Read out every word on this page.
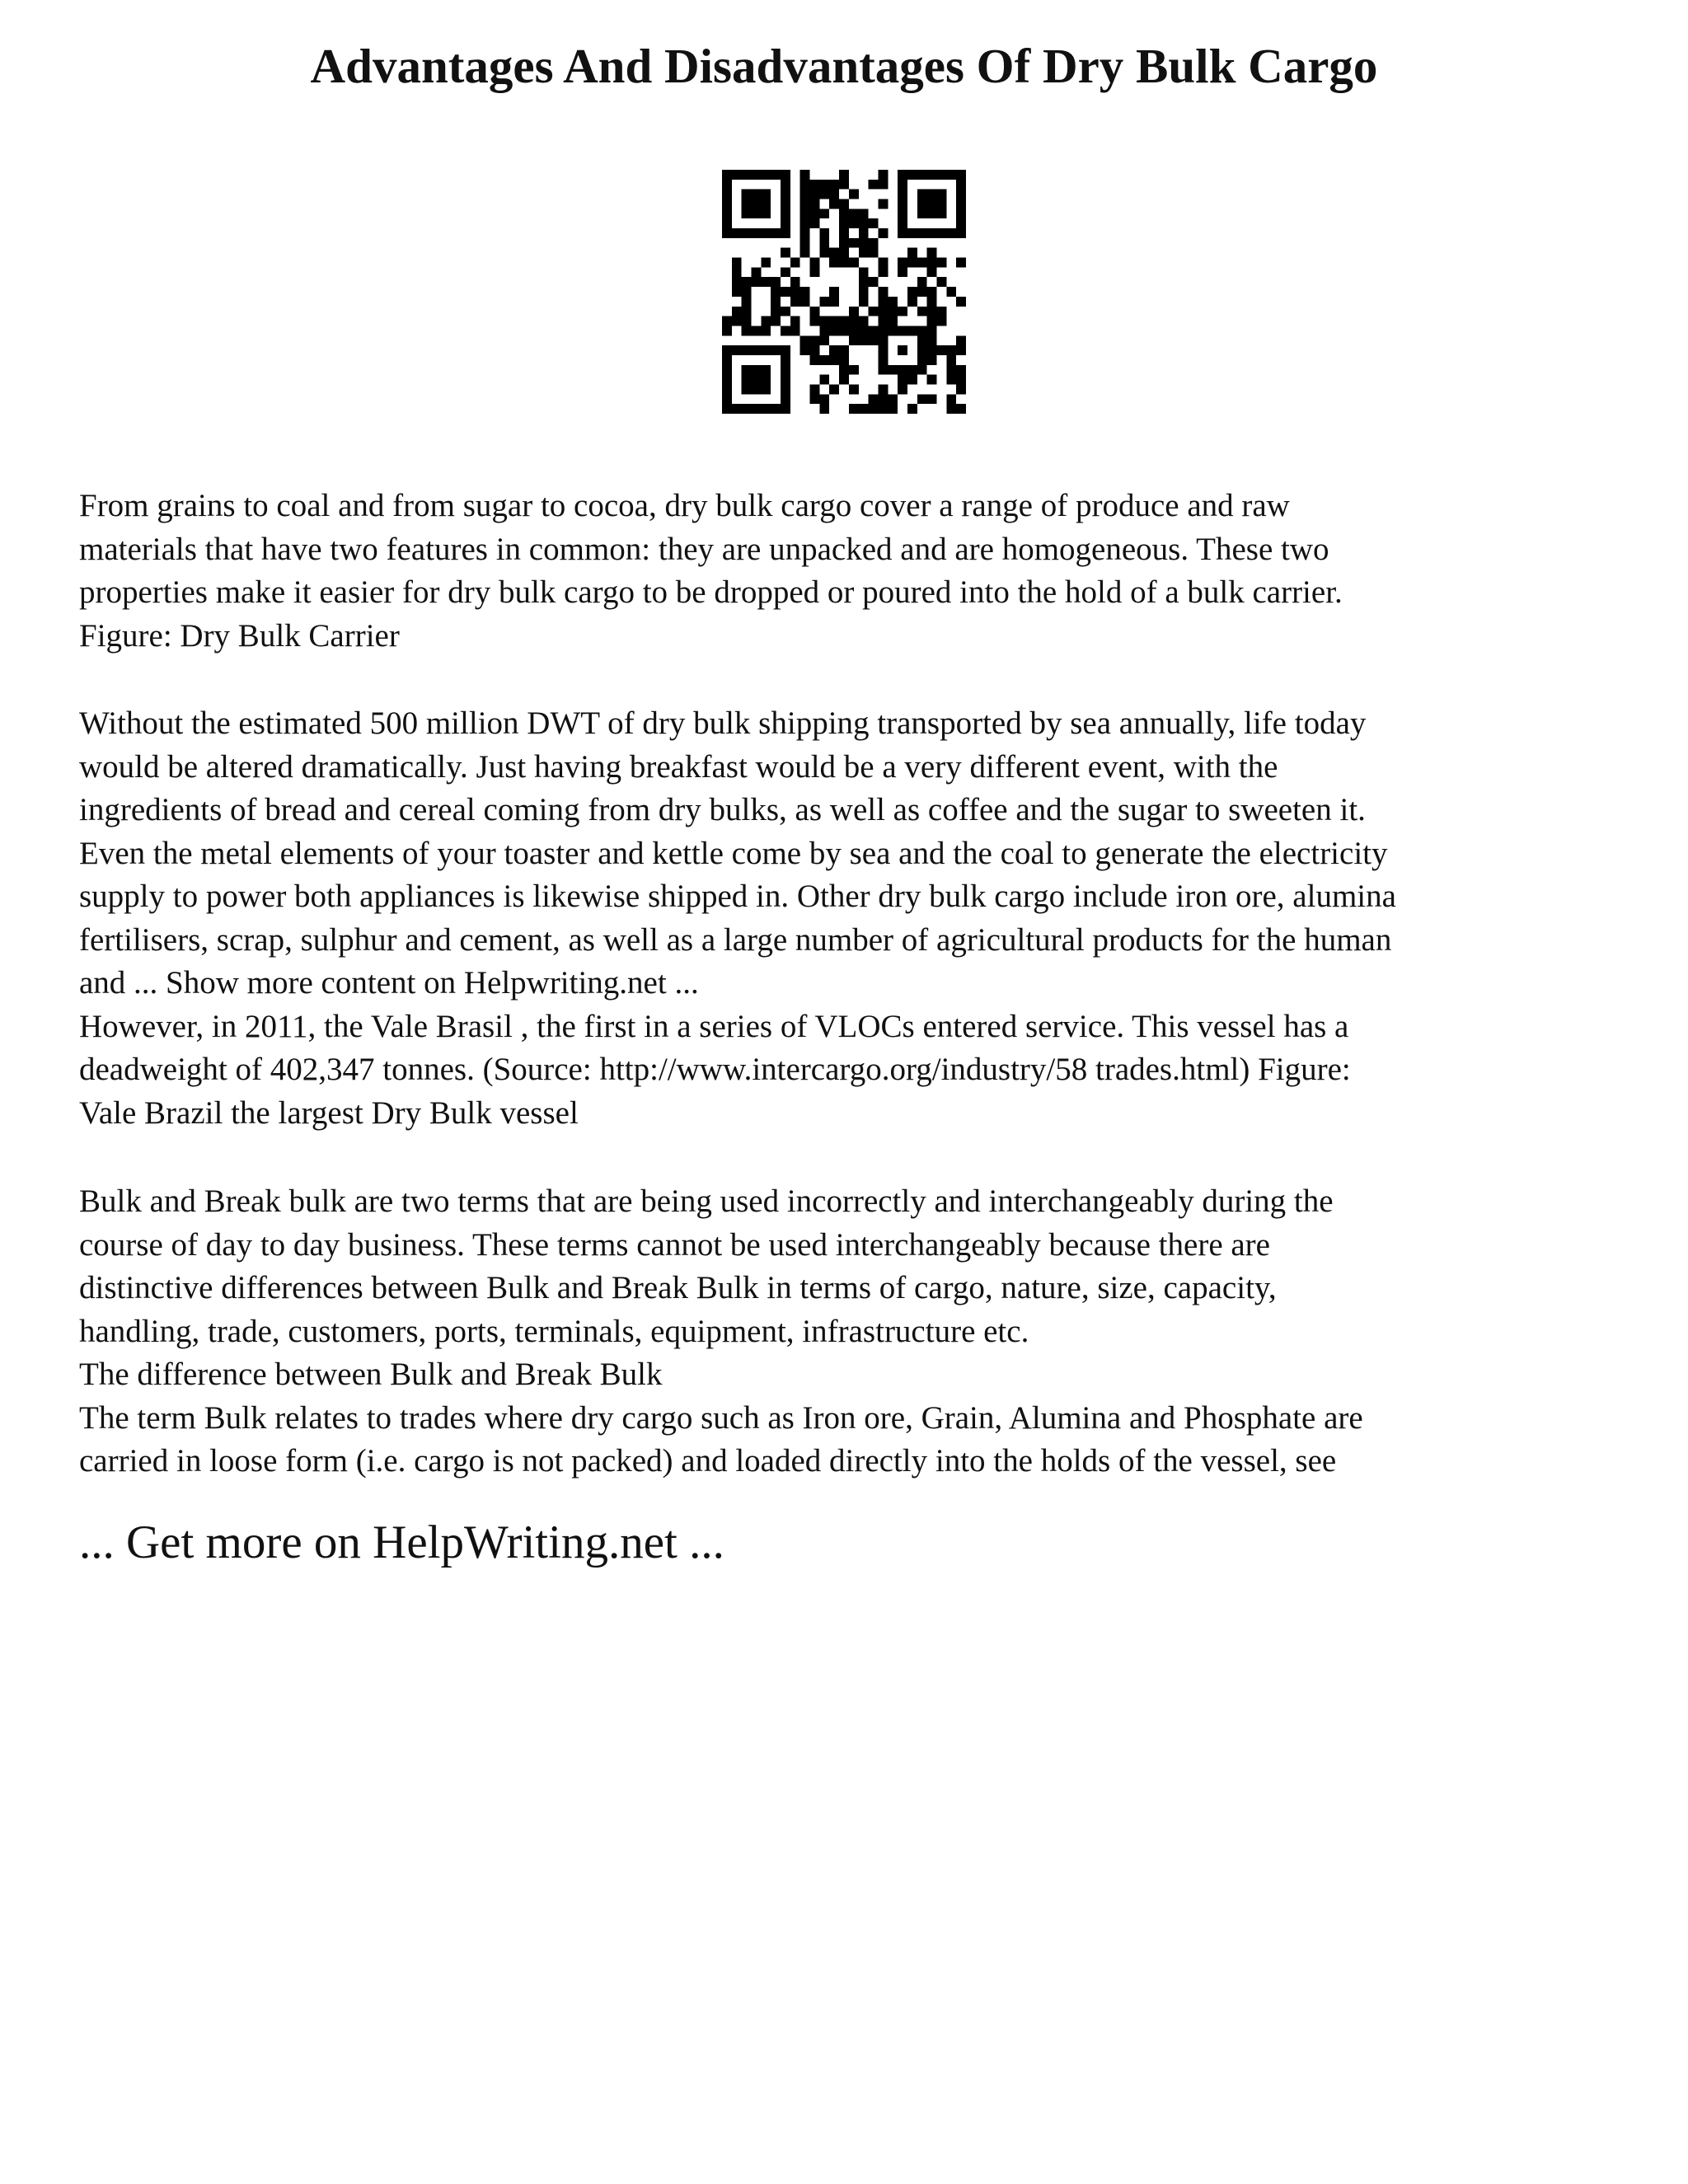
Advantages And Disadvantages Of Dry Bulk Cargo

From grains to coal and from sugar to cocoa, dry bulk cargo cover a range of produce and raw
materials that have two features in common: they are unpacked and are homogeneous. These two
properties make it easier for dry bulk cargo to be dropped or poured into the hold of a bulk carrier.
Figure: Dry Bulk Carrier

Without the estimated 500 million DWT of dry bulk shipping transported by sea annually, life today
would be altered dramatically. Just having breakfast would be a very different event, with the
ingredients of bread and cereal coming from dry bulks, as well as coffee and the sugar to sweeten it.
Even the metal elements of your toaster and kettle come by sea and the coal to generate the electricity
supply to power both appliances is likewise shipped in. Other dry bulk cargo include iron ore, alumina
fertilisers, scrap, sulphur and cement, as well as a large number of agricultural products for the human
and ... Show more content on Helpwriting.net ...
However, in 2011, the Vale Brasil , the first in a series of VLOCs entered service. This vessel has a
deadweight of 402,347 tonnes. (Source: http://www.intercargo.org/industry/58 trades.html) Figure:
Vale Brazil the largest Dry Bulk vessel

Bulk and Break bulk are two terms that are being used incorrectly and interchangeably during the
course of day to day business. These terms cannot be used interchangeably because there are
distinctive differences between Bulk and Break Bulk in terms of cargo, nature, size, capacity,
handling, trade, customers, ports, terminals, equipment, infrastructure etc.
The difference between Bulk and Break Bulk
The term Bulk relates to trades where dry cargo such as Iron ore, Grain, Alumina and Phosphate are
carried in loose form (i.e. cargo is not packed) and loaded directly into the holds of the vessel, see

... Get more on HelpWriting.net ...
